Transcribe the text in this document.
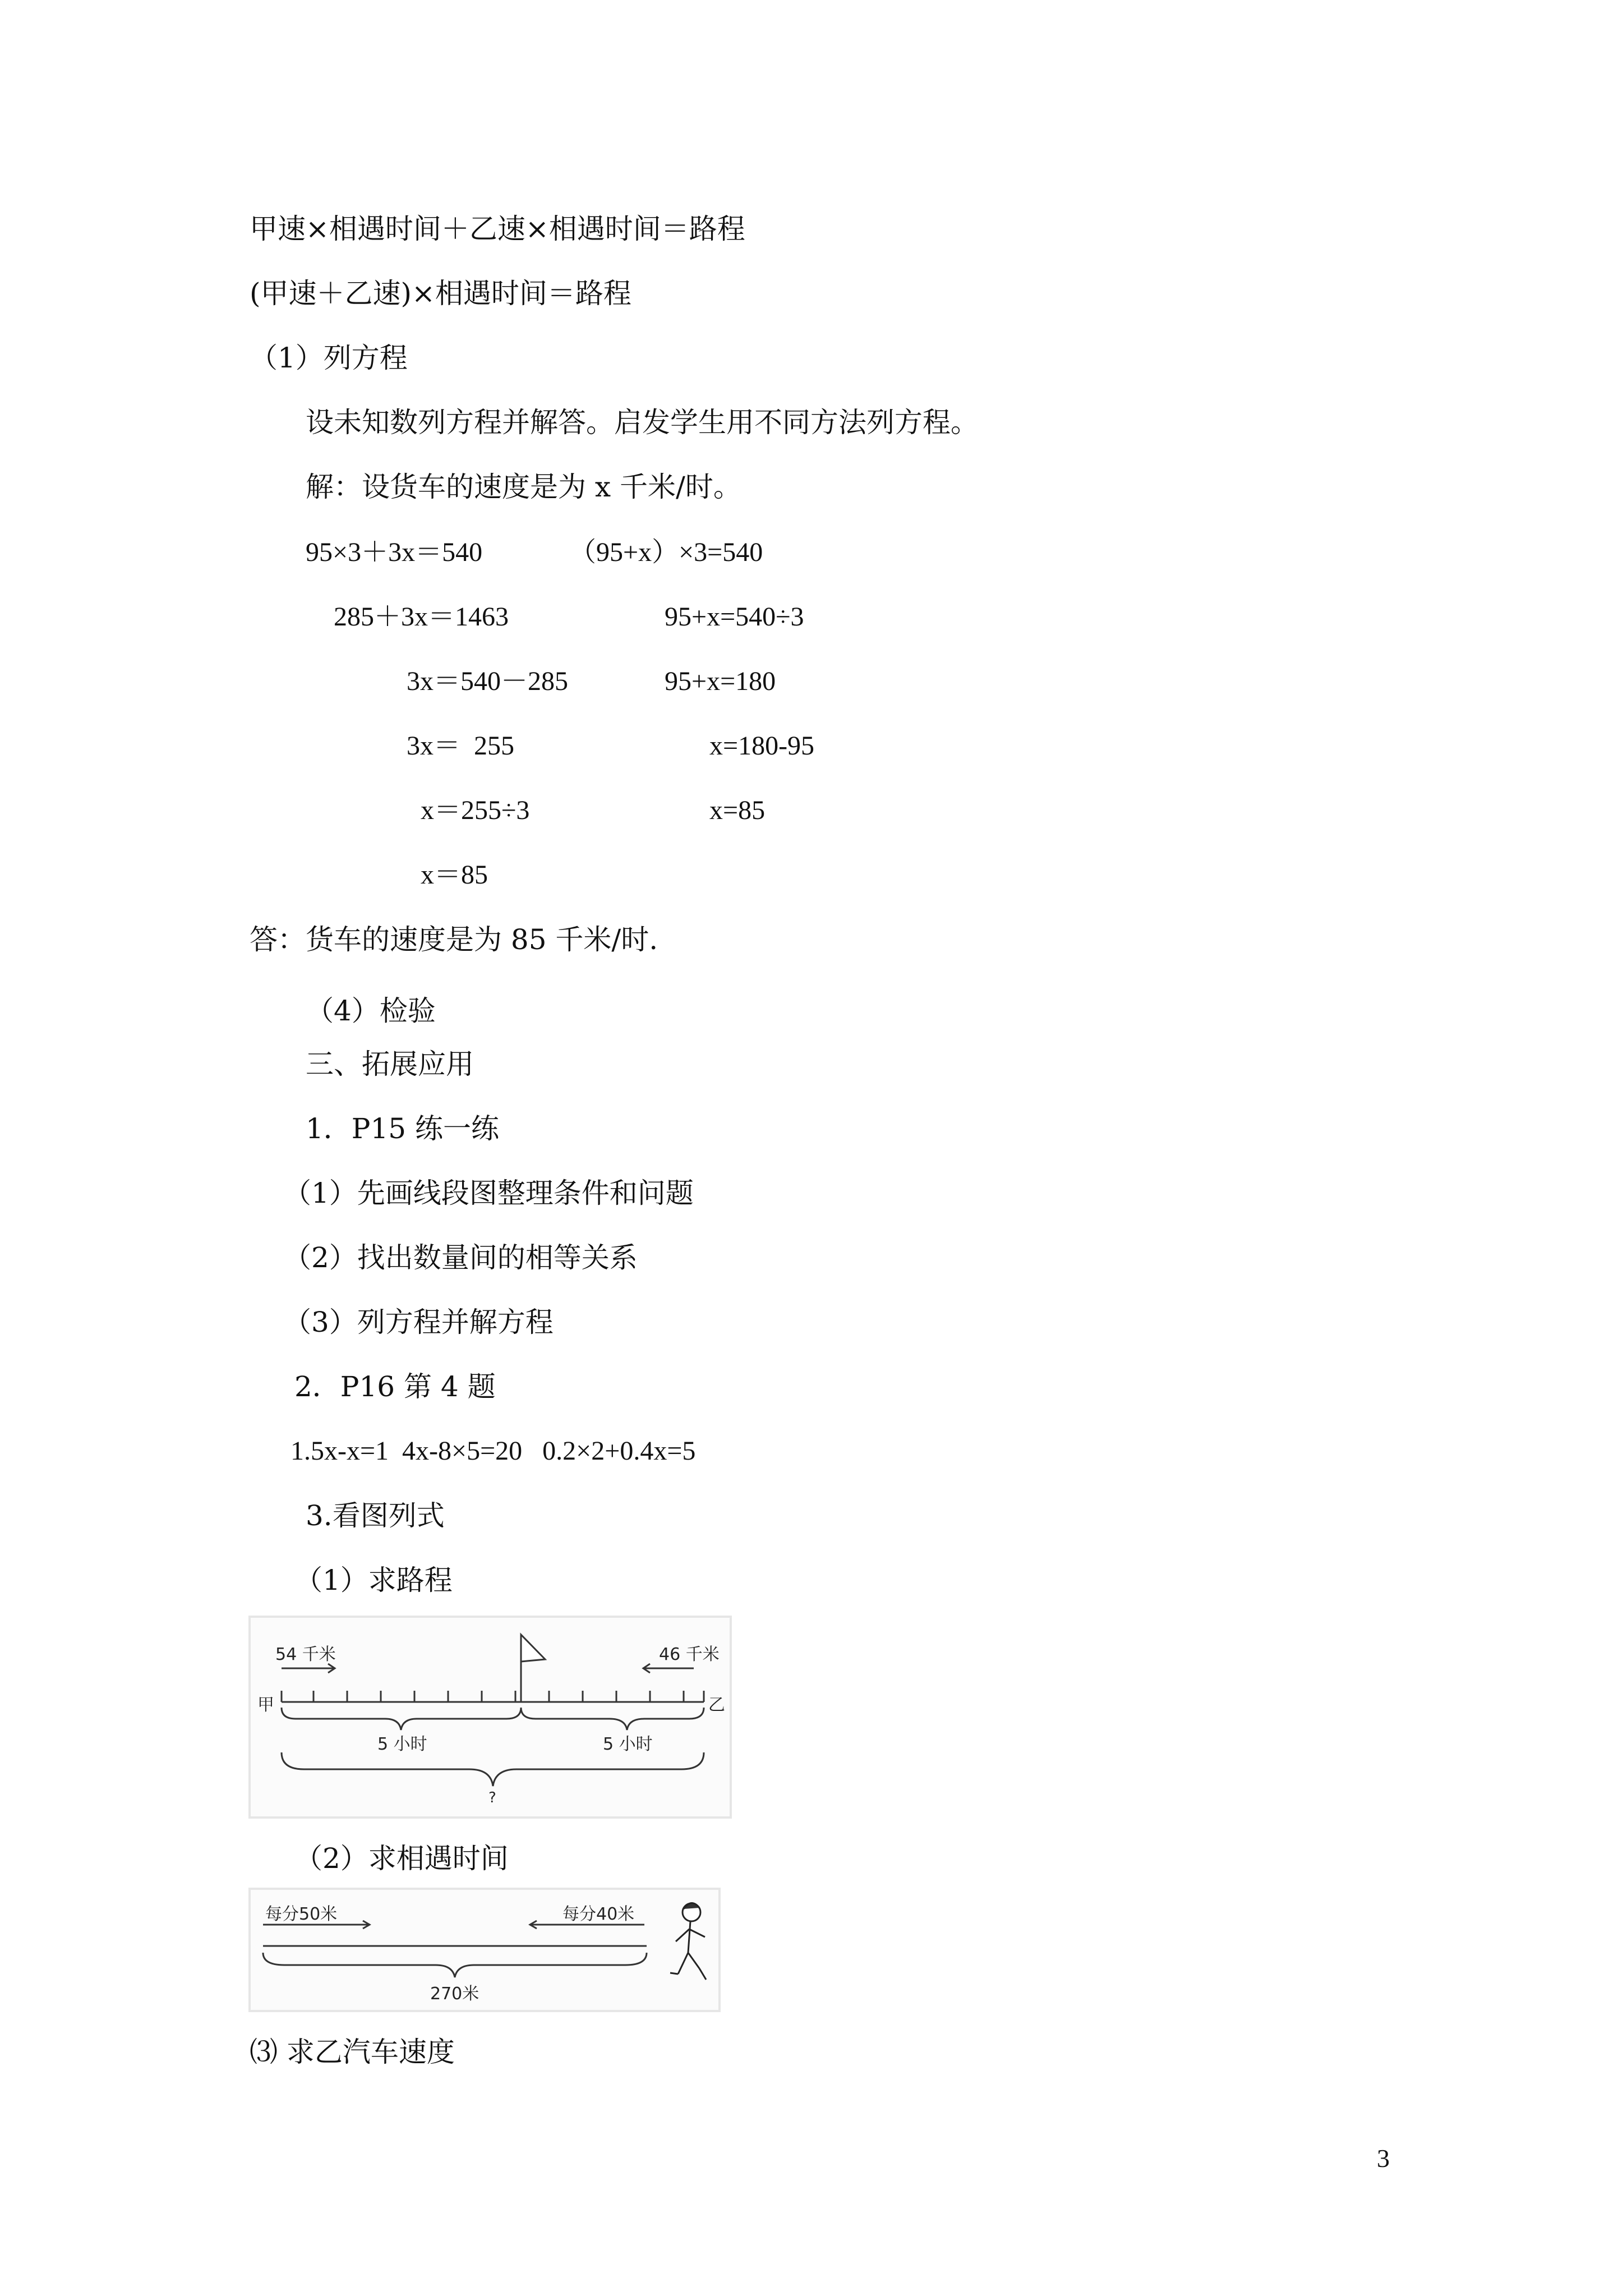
甲速×相遇时间＋乙速×相遇时间＝路程
(甲速＋乙速)×相遇时间＝路程
（1）列方程
设未知数列方程并解答。启发学生用不同方法列方程。
解：设货车的速度是为 x 千米/时。
95×3＋3x＝540
285＋3x＝1463
3x＝540－285
3x＝  255
x＝255÷3
x＝85
（95+x）×3=540
95+x=540÷3
95+x=180
x=180-95
x=85
答：货车的速度是为 85 千米/时.
（4）检验
三、拓展应用
1．P15 练一练
（1）先画线段图整理条件和问题
（2）找出数量间的相等关系
（3）列方程并解方程
2．P16 第 4 题
1.5x-x=1  4x-8×5=20   0.2×2+0.4x=5
3.看图列式
（1）求路程
54 千米	46 千米
甲	乙
5 小时	5 小时
?
（2）求相遇时间
每分50米	每分40米
270米
⑶ 求乙汽车速度
3
